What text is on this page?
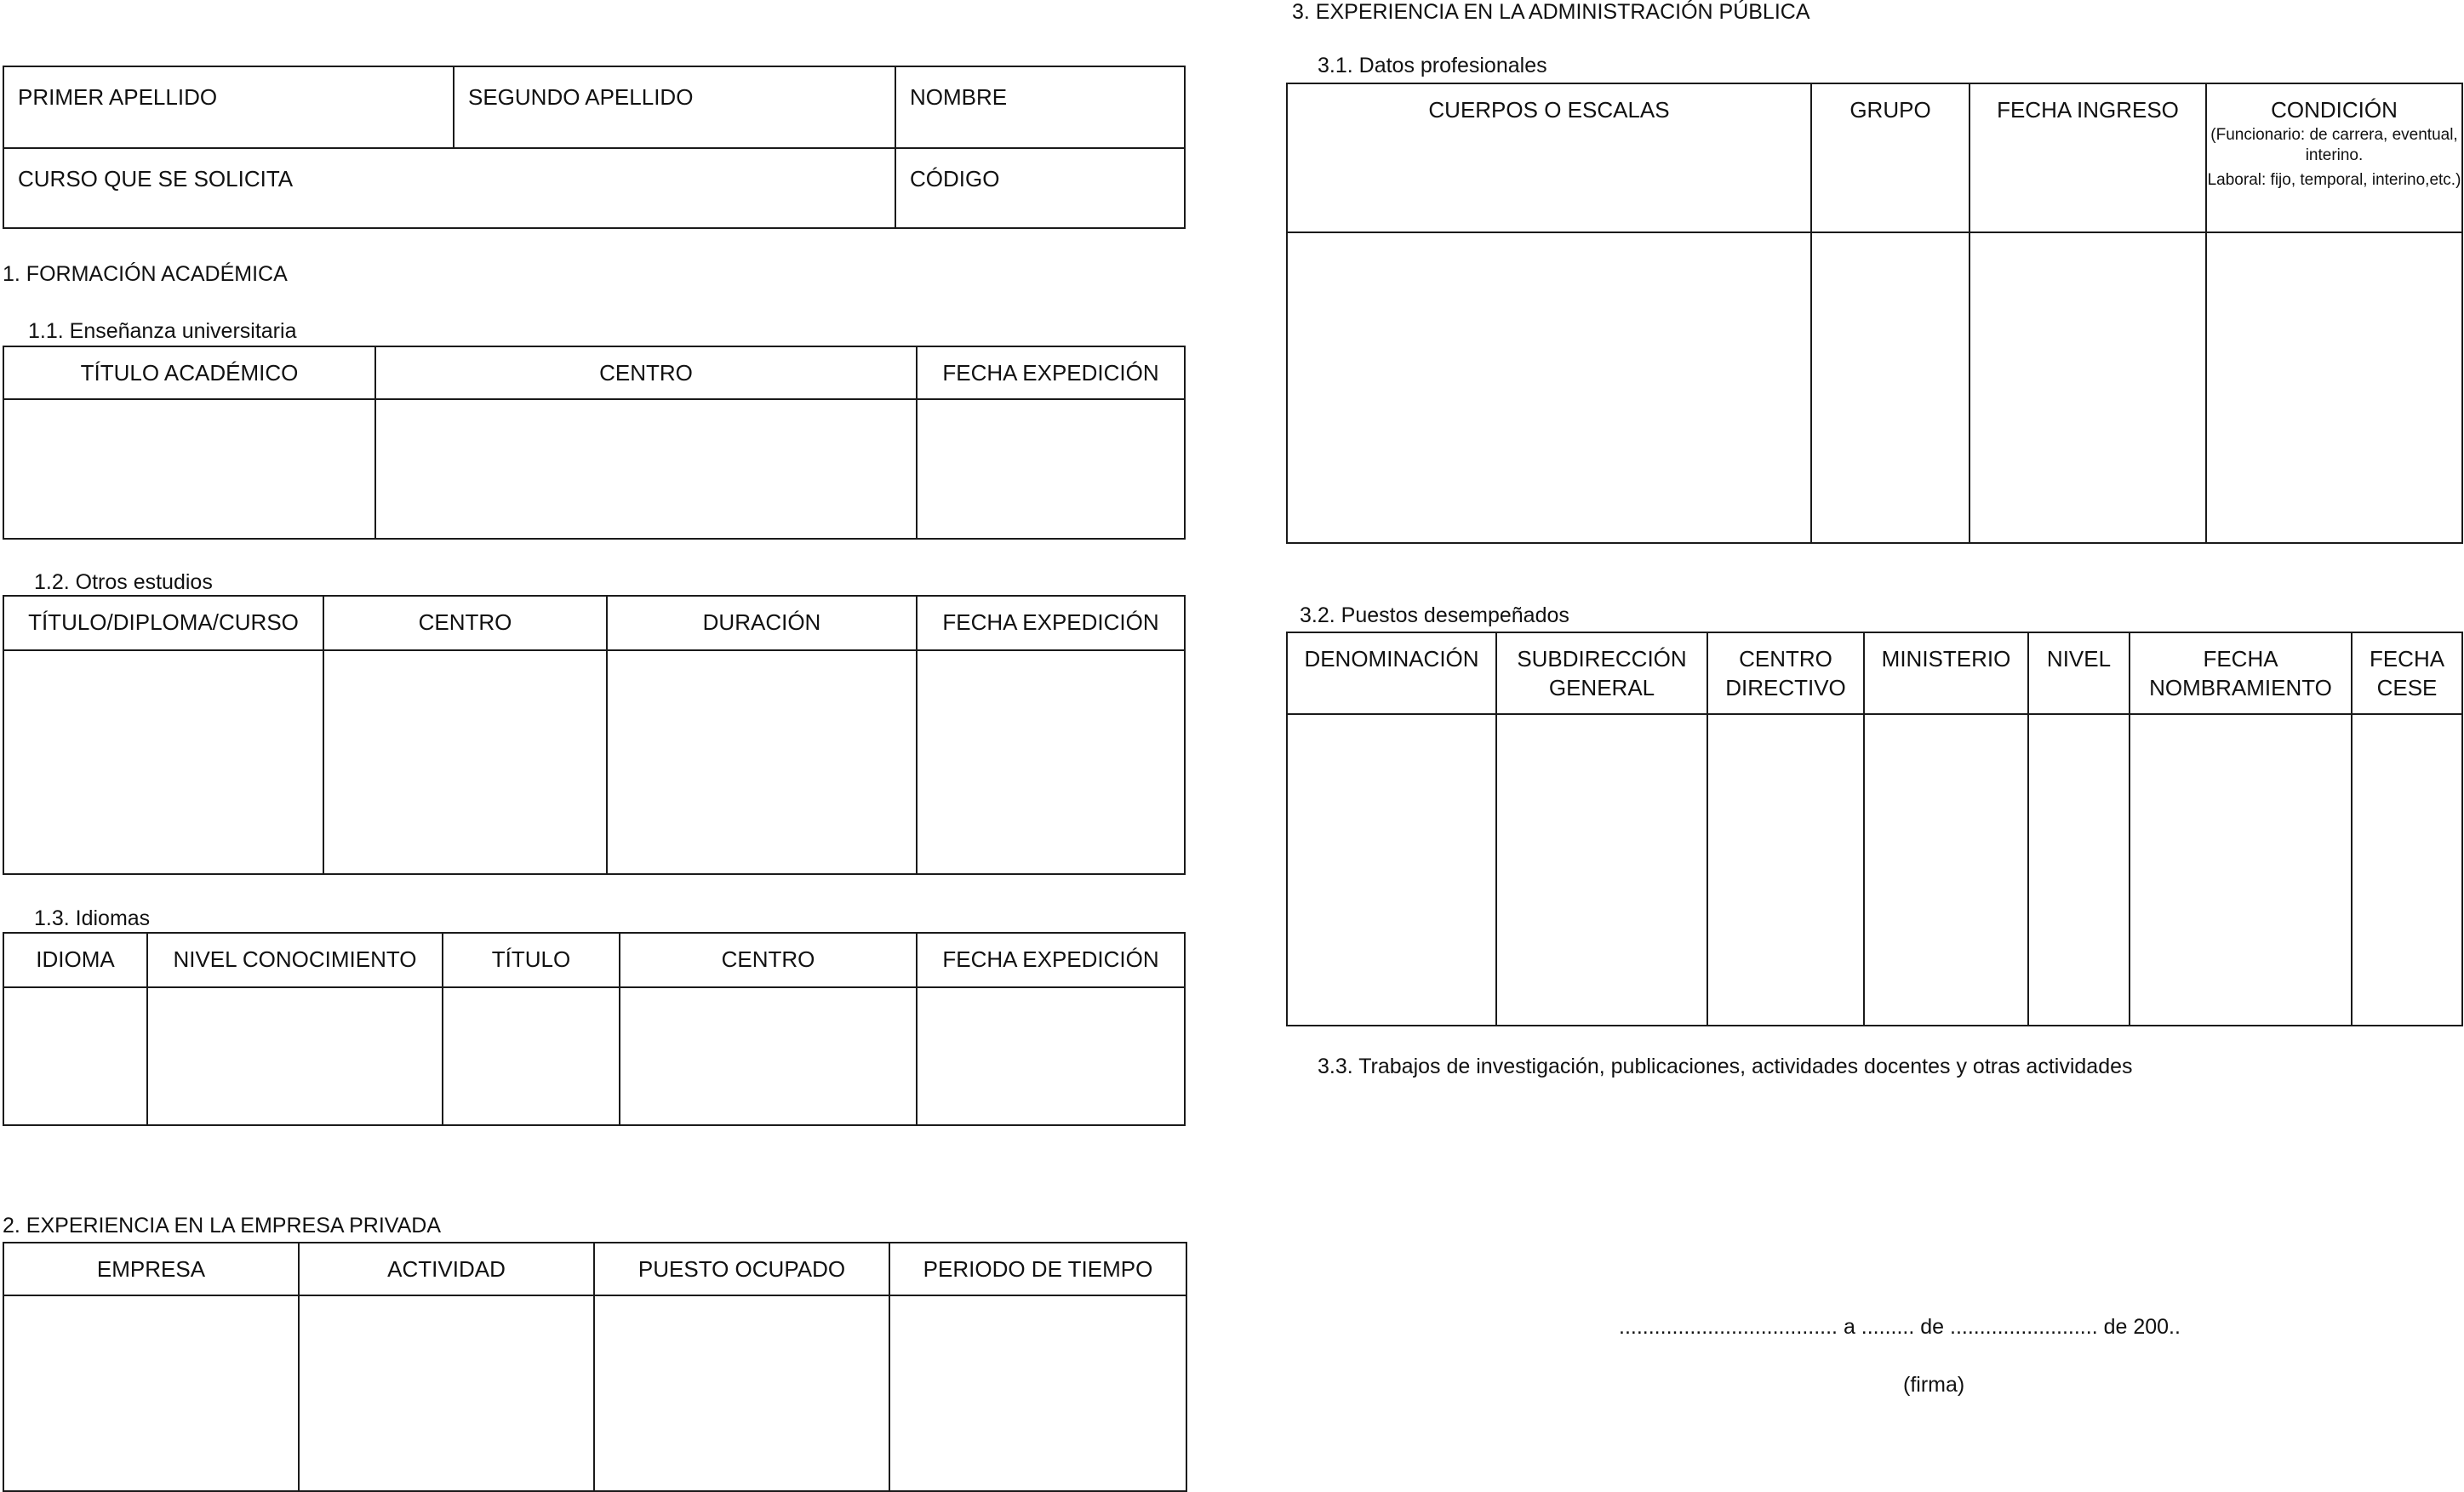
PRIMER APELLIDO	SEGUNDO APELLIDO	NOMBRE
CURSO QUE SE SOLICITA		CÓDIGO
1. FORMACIÓN ACADÉMICA
1.1. Enseñanza universitaria
TÍTULO ACADÉMICO	CENTRO	FECHA EXPEDICIÓN

1.2. Otros estudios
TÍTULO/DIPLOMA/CURSO	CENTRO	DURACIÓN	FECHA EXPEDICIÓN

1.3. Idiomas
IDIOMA	NIVEL CONOCIMIENTO	TÍTULO	CENTRO	FECHA EXPEDICIÓN

2. EXPERIENCIA EN LA EMPRESA PRIVADA
EMPRESA	ACTIVIDAD	PUESTO OCUPADO	PERIODO DE TIEMPO

3. EXPERIENCIA EN LA ADMINISTRACIÓN PÚBLICA
3.1. Datos profesionales
CUERPOS O ESCALAS	GRUPO	FECHA INGRESO	CONDICIÓN
(Funcionario: de carrera, eventual, interino.
Laboral: fijo, temporal, interino,etc.)

3.2. Puestos desempeñados
DENOMINACIÓN	SUBDIRECCIÓN GENERAL	CENTRO DIRECTIVO	MINISTERIO	NIVEL	FECHA NOMBRAMIENTO	FECHA CESE

3.3. Trabajos de investigación, publicaciones, actividades docentes y otras actividades
..................................... a ......... de ......................... de 200..
(firma)
